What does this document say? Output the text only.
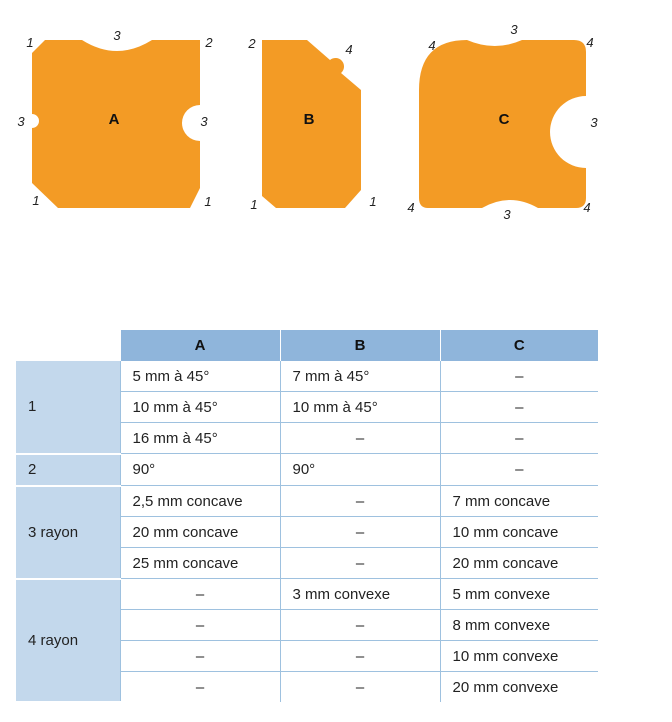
A
1	3	2
3	3
1	1
B
2	4
1	1
C
4
3
4
3
4	3	4
	A	B	C
1	5 mm à 45°	7 mm à 45°	–
	10 mm à 45°	10 mm à 45°	–
	16 mm à 45°	–	–
2	90°	90°	–
3 rayon	2,5 mm concave	–	7 mm concave
	20 mm concave	–	10 mm concave
	25 mm concave	–	20 mm concave
4 rayon	–	3 mm convexe	5 mm convexe
	–	–	8 mm convexe
	–	–	10 mm convexe
	–	–	20 mm convexe
